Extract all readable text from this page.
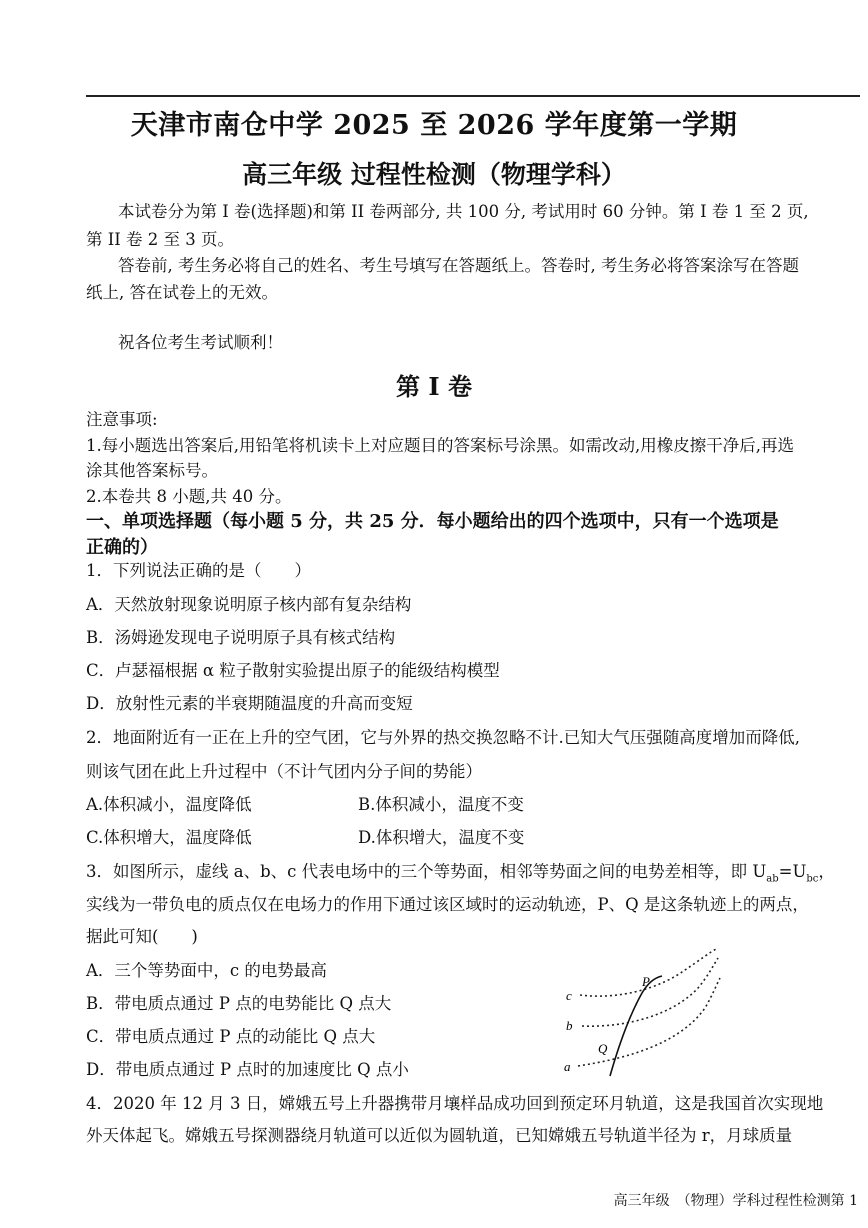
天津市南仓中学 2025 至 2026 学年度第一学期
高三年级 过程性检测（物理学科）
本试卷分为第 I 卷(选择题)和第 II 卷两部分, 共 100 分, 考试用时 60 分钟。第 I 卷 1 至 2 页,
第 II 卷 2 至 3 页。
答卷前, 考生务必将自己的姓名、考生号填写在答题纸上。答卷时, 考生务必将答案涂写在答题
纸上, 答在试卷上的无效。
祝各位考生考试顺利！
第 I 卷
注意事项:
1.每小题选出答案后,用铅笔将机读卡上对应题目的答案标号涂黑。如需改动,用橡皮擦干净后,再选
涂其他答案标号。
2.本卷共 8 小题,共 40 分。
一、单项选择题（每小题 5 分，共 25 分．每小题给出的四个选项中，只有一个选项是
正确的）
1．下列说法正确的是（　　）
A．天然放射现象说明原子核内部有复杂结构
B．汤姆逊发现电子说明原子具有核式结构
C．卢瑟福根据 α 粒子散射实验提出原子的能级结构模型
D．放射性元素的半衰期随温度的升高而变短
2．地面附近有一正在上升的空气团，它与外界的热交换忽略不计.已知大气压强随高度增加而降低,
则该气团在此上升过程中（不计气团内分子间的势能）
A.体积减小，温度降低	B.体积减小，温度不变
C.体积增大，温度降低	D.体积增大，温度不变
3．如图所示，虚线 a、b、c 代表电场中的三个等势面，相邻等势面之间的电势差相等，即 $U_{ab}=U_{bc}$，
实线为一带负电的质点仅在电场力的作用下通过该区域时的运动轨迹，P、Q 是这条轨迹上的两点，
据此可知(　　)
A．三个等势面中，c 的电势最高
B．带电质点通过 P 点的电势能比 Q 点大
C．带电质点通过 P 点的动能比 Q 点大
D．带电质点通过 P 点时的加速度比 Q 点小
P
Q
c
b
a
4．2020 年 12 月 3 日，嫦娥五号上升器携带月壤样品成功回到预定环月轨道，这是我国首次实现地
外天体起飞。嫦娥五号探测器绕月轨道可以近似为圆轨道，已知嫦娥五号轨道半径为 r，月球质量
高三年级　（物理）学科过程性检测第 1
